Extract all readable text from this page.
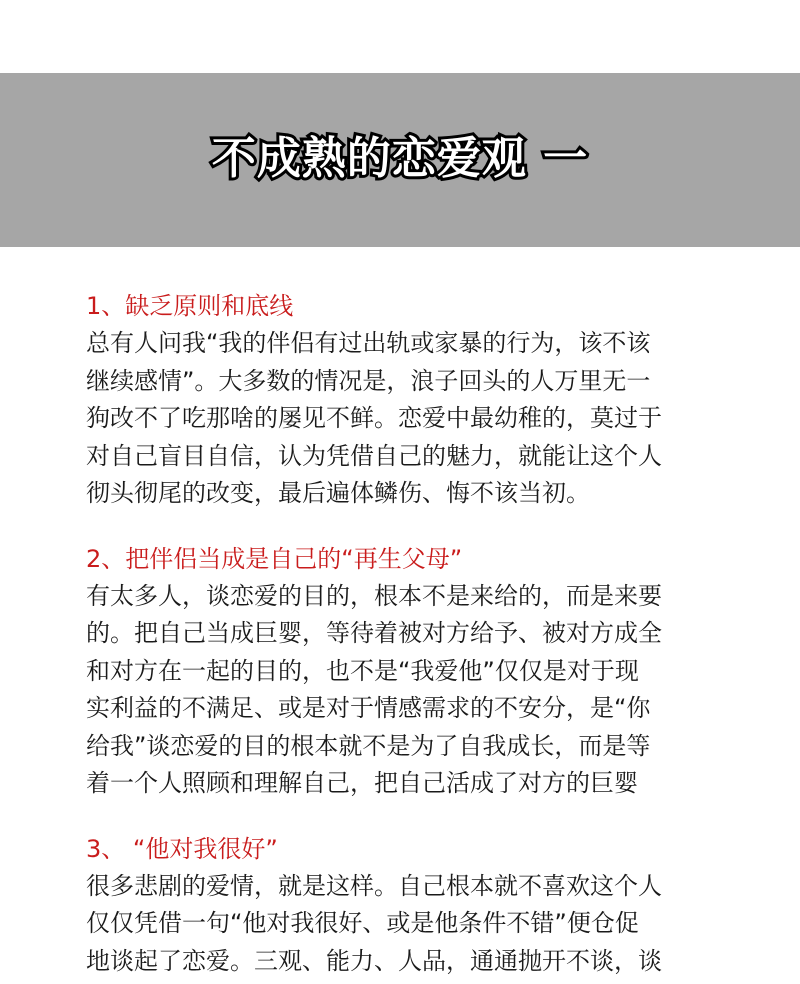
不成熟的恋爱观 一

1、缺乏原则和底线

总有人问我“我的伴侣有过出轨或家暴的行为，该不该
继续感情”。大多数的情况是，浪子回头的人万里无一
狗改不了吃那啥的屡见不鲜。恋爱中最幼稚的，莫过于
对自己盲目自信，认为凭借自己的魅力，就能让这个人
彻头彻尾的改变，最后遍体鳞伤、悔不该当初。

2、把伴侣当成是自己的“再生父母”

有太多人，谈恋爱的目的，根本不是来给的，而是来要
的。把自己当成巨婴，等待着被对方给予、被对方成全
和对方在一起的目的，也不是“我爱他”仅仅是对于现
实利益的不满足、或是对于情感需求的不安分，是“你
给我”谈恋爱的目的根本就不是为了自我成长，而是等
着一个人照顾和理解自己，把自己活成了对方的巨婴

3、 “他对我很好”

很多悲剧的爱情，就是这样。自己根本就不喜欢这个人
仅仅凭借一句“他对我很好、或是他条件不错”便仓促
地谈起了恋爱。三观、能力、人品，通通抛开不谈，谈
